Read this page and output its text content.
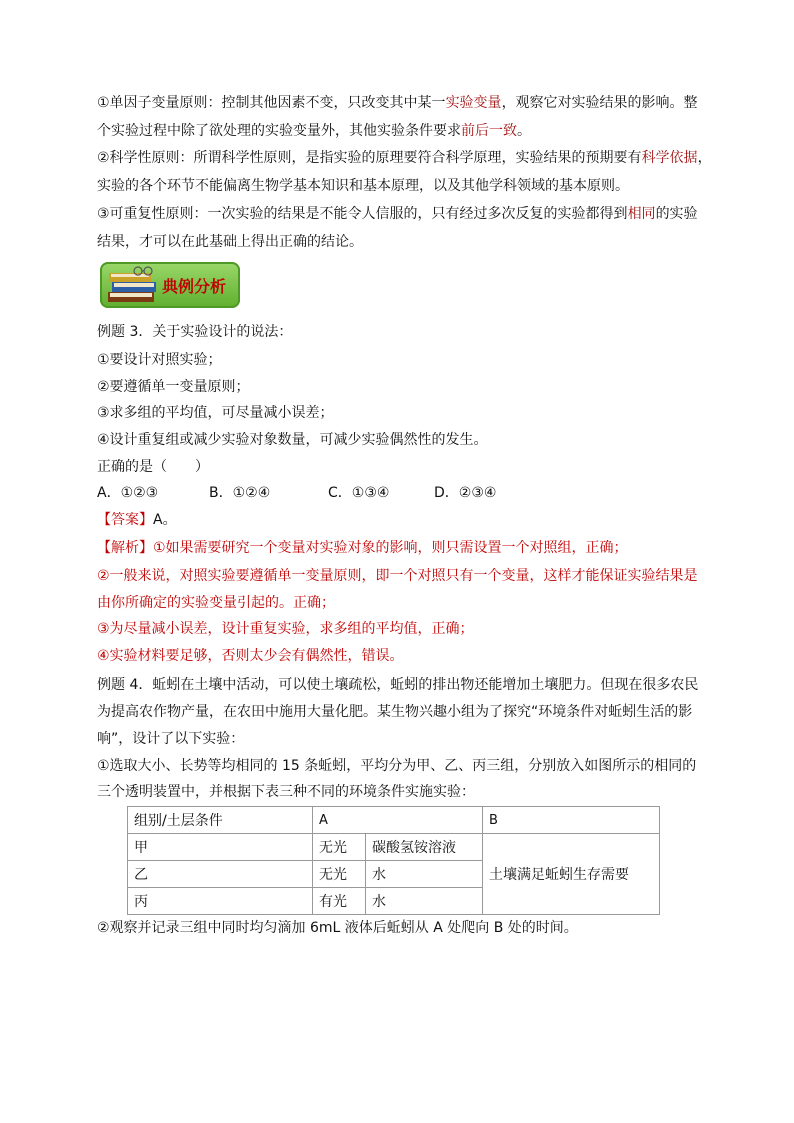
①单因子变量原则：控制其他因素不变，只改变其中某一实验变量，观察它对实验结果的影响。整
个实验过程中除了欲处理的实验变量外，其他实验条件要求前后一致。
②科学性原则：所谓科学性原则，是指实验的原理要符合科学原理，实验结果的预期要有科学依据，
实验的各个环节不能偏离生物学基本知识和基本原理，以及其他学科领域的基本原则。
③可重复性原则：一次实验的结果是不能令人信服的，只有经过多次反复的实验都得到相同的实验
结果，才可以在此基础上得出正确的结论。
典例分析
例题 3．关于实验设计的说法：
①要设计对照实验；
②要遵循单一变量原则；
③求多组的平均值，可尽量减小误差；
④设计重复组或减少实验对象数量，可减少实验偶然性的发生。
正确的是（　　）
A．①②③	B．①②④	C．①③④	D．②③④
【答案】A。
【解析】①如果需要研究一个变量对实验对象的影响，则只需设置一个对照组，正确；
②一般来说，对照实验要遵循单一变量原则，即一个对照只有一个变量，这样才能保证实验结果是
由你所确定的实验变量引起的。正确；
③为尽量减小误差，设计重复实验，求多组的平均值，正确；
④实验材料要足够，否则太少会有偶然性，错误。
例题 4．蚯蚓在土壤中活动，可以使土壤疏松，蚯蚓的排出物还能增加土壤肥力。但现在很多农民
为提高农作物产量，在农田中施用大量化肥。某生物兴趣小组为了探究“环境条件对蚯蚓生活的影
响”，设计了以下实验：
①选取大小、长势等均相同的 15 条蚯蚓，平均分为甲、乙、丙三组，分别放入如图所示的相同的
三个透明装置中，并根据下表三种不同的环境条件实施实验：
组别/土层条件	A		B
甲	无光	碳酸氢铵溶液	土壤满足蚯蚓生存需要
乙	无光	水	
丙	有光	水	
②观察并记录三组中同时均匀滴加 6mL 液体后蚯蚓从 A 处爬向 B 处的时间。
